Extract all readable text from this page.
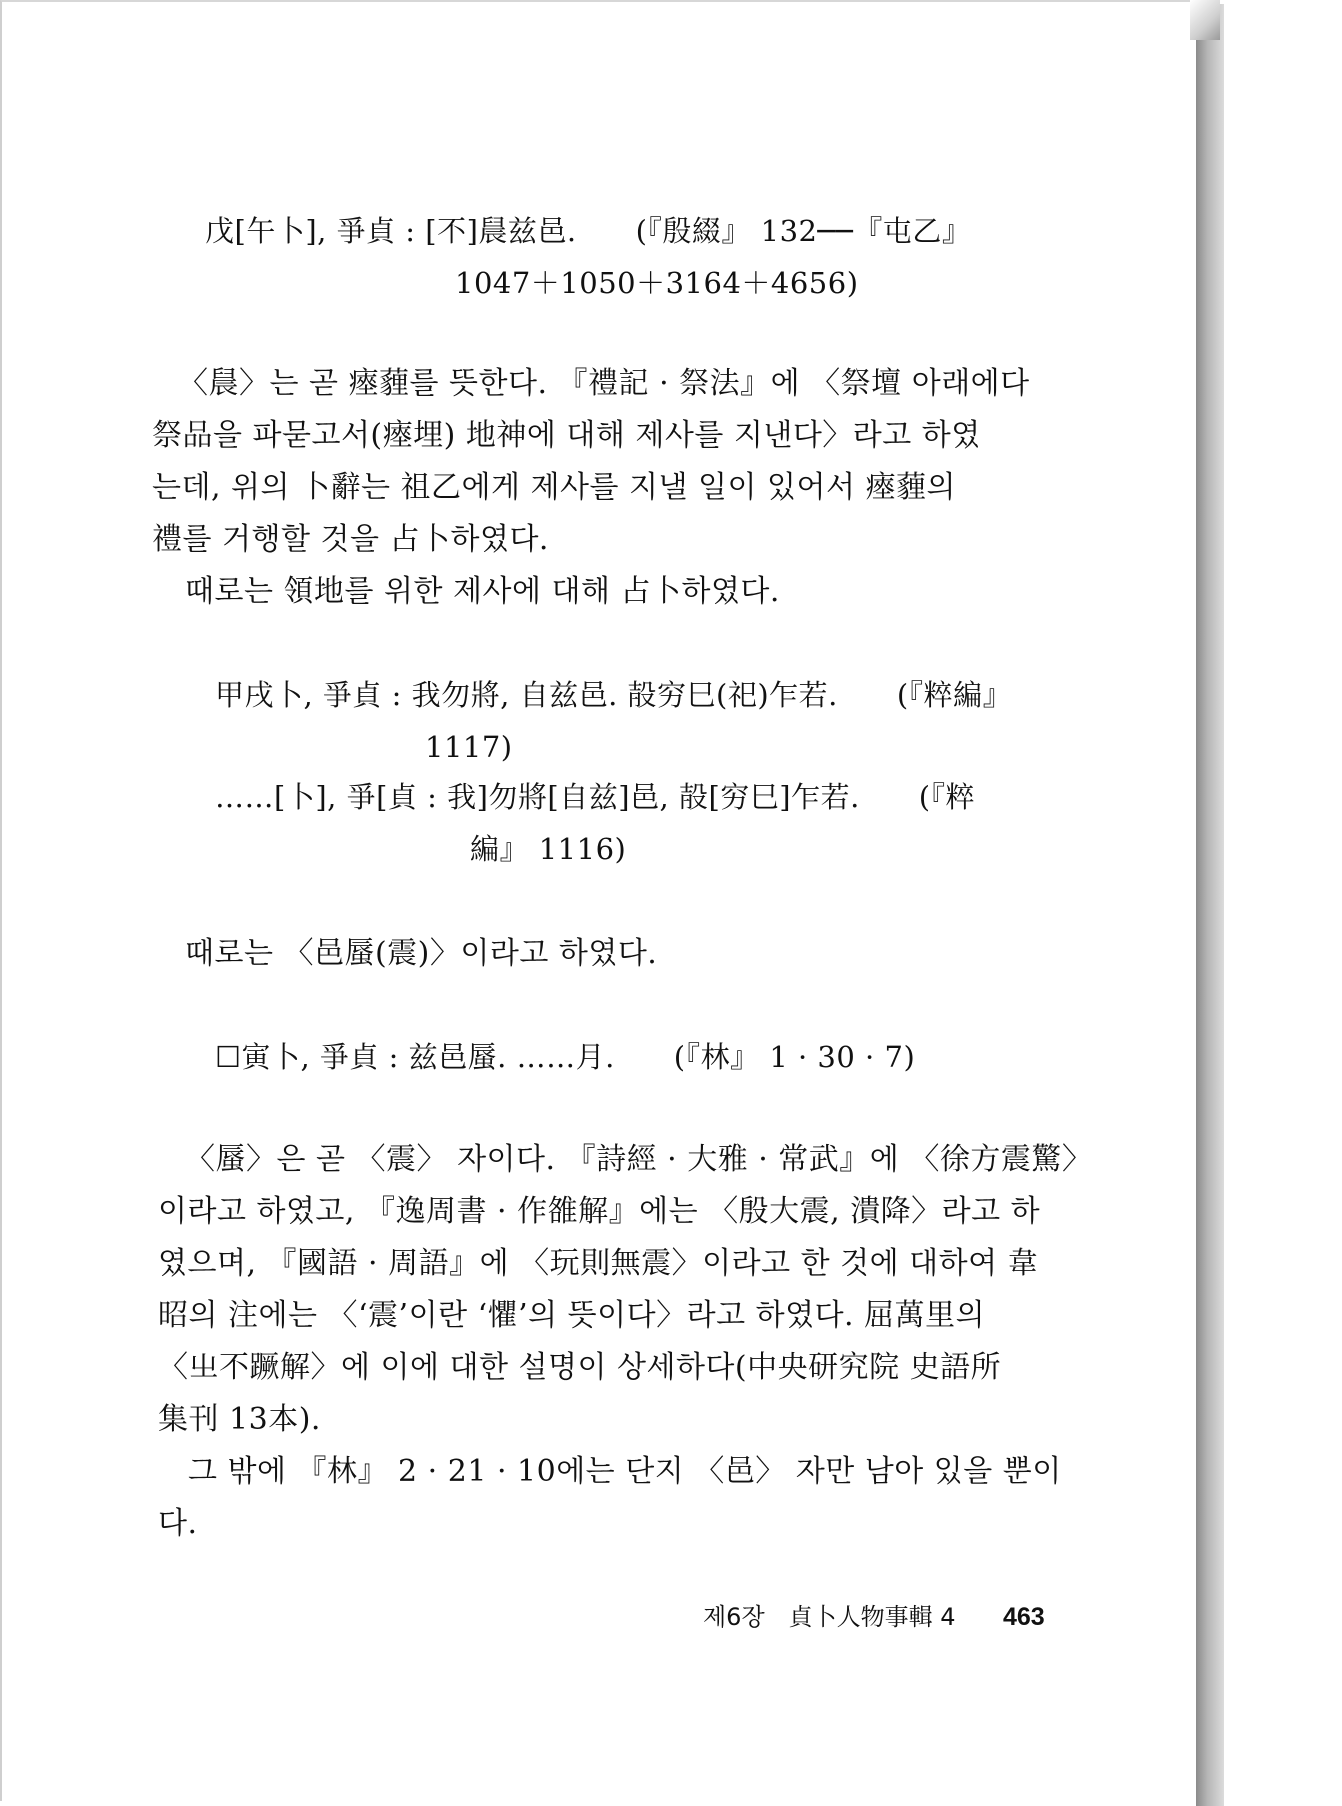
戊[午卜], 爭貞 : [不]䢅兹邑.　　(『殷綴』 132──『屯乙』
1047＋1050＋3164＋4656)
〈䢅〉는 곧 瘞薶를 뜻한다. 『禮記 · 祭法』에 〈祭壇 아래에다
祭品을 파묻고서(瘞埋) 地神에 대해 제사를 지낸다〉라고 하였
는데, 위의 卜辭는 祖乙에게 제사를 지낼 일이 있어서 瘞薶의
禮를 거행할 것을 占卜하였다.
때로는 領地를 위한 제사에 대해 占卜하였다.
甲戌卜, 爭貞 : 我勿將, 自兹邑. 㱿穷巳(祀)乍若.　　(『粹編』
1117)
……[卜], 爭[貞 : 我]勿將[自兹]邑, 㱿[穷巳]乍若.　　(『粹
編』 1116)
때로는 〈邑蜃(震)〉이라고 하였다.
☐寅卜, 爭貞 : 兹邑蜃. ……月.　　(『林』 1 · 30 · 7)
〈蜃〉은 곧 〈震〉 자이다. 『詩經 · 大雅 · 常武』에 〈徐方震驚〉
이라고 하였고, 『逸周書 · 作雒解』에는 〈殷大震, 潰降〉라고 하
였으며, 『國語 · 周語』에 〈玩則無震〉이라고 한 것에 대하여 韋
昭의 注에는 〈‘震’이란 ‘懼’의 뜻이다〉라고 하였다. 屈萬里의
〈㞢不蹶解〉에 이에 대한 설명이 상세하다(中央研究院 史語所
集刊 13本).
그 밖에 『林』 2 · 21 · 10에는 단지 〈邑〉 자만 남아 있을 뿐이
다.
제6장　貞卜人物事輯 4 463
